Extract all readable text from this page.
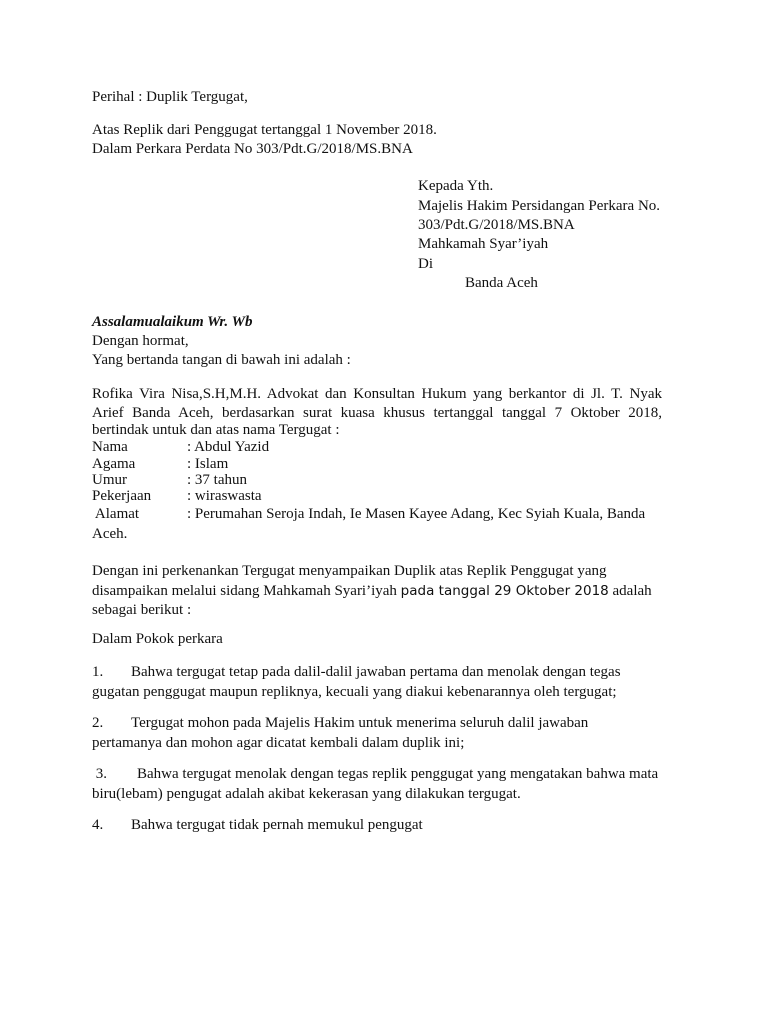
Perihal : Duplik Tergugat,
Atas Replik dari Penggugat tertanggal 1 November 2018.
Dalam Perkara Perdata No 303/Pdt.G/2018/MS.BNA
Kepada Yth.
Majelis Hakim Persidangan Perkara No.
303/Pdt.G/2018/MS.BNA
Mahkamah Syar’iyah
Di
Banda Aceh
Assalamualaikum Wr. Wb
Dengan hormat,
Yang bertanda tangan di bawah ini adalah :
Rofika Vira Nisa,S.H,M.H. Advokat dan Konsultan Hukum yang berkantor di Jl. T. Nyak
Arief Banda Aceh, berdasarkan surat kuasa khusus tertanggal tanggal 7 Oktober 2018,
bertindak untuk dan atas nama Tergugat :
Nama	: Abdul Yazid
Agama	: Islam
Umur	: 37 tahun
Pekerjaan : wiraswasta
Alamat	: Perumahan Seroja Indah, Ie Masen Kayee Adang, Kec Syiah Kuala, Banda
Aceh.
Dengan ini perkenankan Tergugat menyampaikan Duplik atas Replik Penggugat yang
disampaikan melalui sidang Mahkamah Syari’iyah pada tanggal 29 Oktober 2018 adalah
sebagai berikut :
Dalam Pokok perkara
1. Bahwa tergugat tetap pada dalil-dalil jawaban pertama dan menolak dengan tegas
gugatan penggugat maupun repliknya, kecuali yang diakui kebenarannya oleh tergugat;
2. Tergugat mohon pada Majelis Hakim untuk menerima seluruh dalil jawaban
pertamanya dan mohon agar dicatat kembali dalam duplik ini;
3. Bahwa tergugat menolak dengan tegas replik penggugat yang mengatakan bahwa mata
biru(lebam) pengugat adalah akibat kekerasan yang dilakukan tergugat.
4. Bahwa tergugat tidak pernah memukul pengugat
